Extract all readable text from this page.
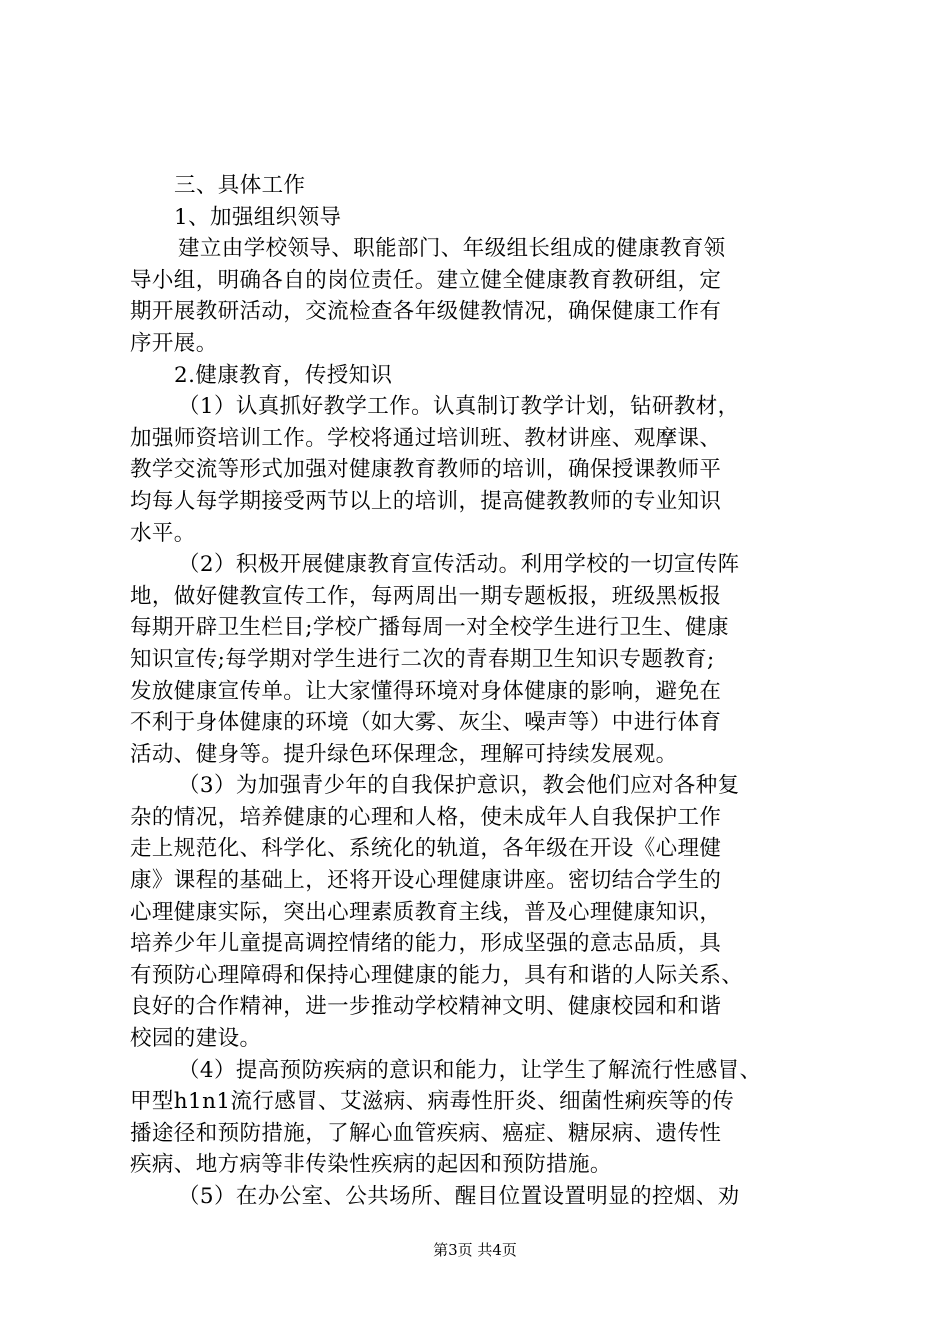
三、具体工作
1、加强组织领导
建立由学校领导、职能部门、年级组长组成的健康教育领
导小组，明确各自的岗位责任。建立健全健康教育教研组，定
期开展教研活动，交流检查各年级健教情况，确保健康工作有
序开展。
2.健康教育，传授知识
（1）认真抓好教学工作。认真制订教学计划，钻研教材，
加强师资培训工作。学校将通过培训班、教材讲座、观摩课、
教学交流等形式加强对健康教育教师的培训，确保授课教师平
均每人每学期接受两节以上的培训，提高健教教师的专业知识
水平。
（2）积极开展健康教育宣传活动。利用学校的一切宣传阵
地，做好健教宣传工作，每两周出一期专题板报，班级黑板报
每期开辟卫生栏目;学校广播每周一对全校学生进行卫生、健康
知识宣传;每学期对学生进行二次的青春期卫生知识专题教育;
发放健康宣传单。让大家懂得环境对身体健康的影响，避免在
不利于身体健康的环境（如大雾、灰尘、噪声等）中进行体育
活动、健身等。提升绿色环保理念，理解可持续发展观。
（3）为加强青少年的自我保护意识，教会他们应对各种复
杂的情况，培养健康的心理和人格，使未成年人自我保护工作
走上规范化、科学化、系统化的轨道，各年级在开设《心理健
康》课程的基础上，还将开设心理健康讲座。密切结合学生的
心理健康实际，突出心理素质教育主线，普及心理健康知识，
培养少年儿童提高调控情绪的能力，形成坚强的意志品质，具
有预防心理障碍和保持心理健康的能力，具有和谐的人际关系、
良好的合作精神，进一步推动学校精神文明、健康校园和和谐
校园的建设。
（4）提高预防疾病的意识和能力，让学生了解流行性感冒、
甲型h1n1流行感冒、艾滋病、病毒性肝炎、细菌性痢疾等的传
播途径和预防措施，了解心血管疾病、癌症、糖尿病、遗传性
疾病、地方病等非传染性疾病的起因和预防措施。
（5）在办公室、公共场所、醒目位置设置明显的控烟、劝
第3页 共4页
